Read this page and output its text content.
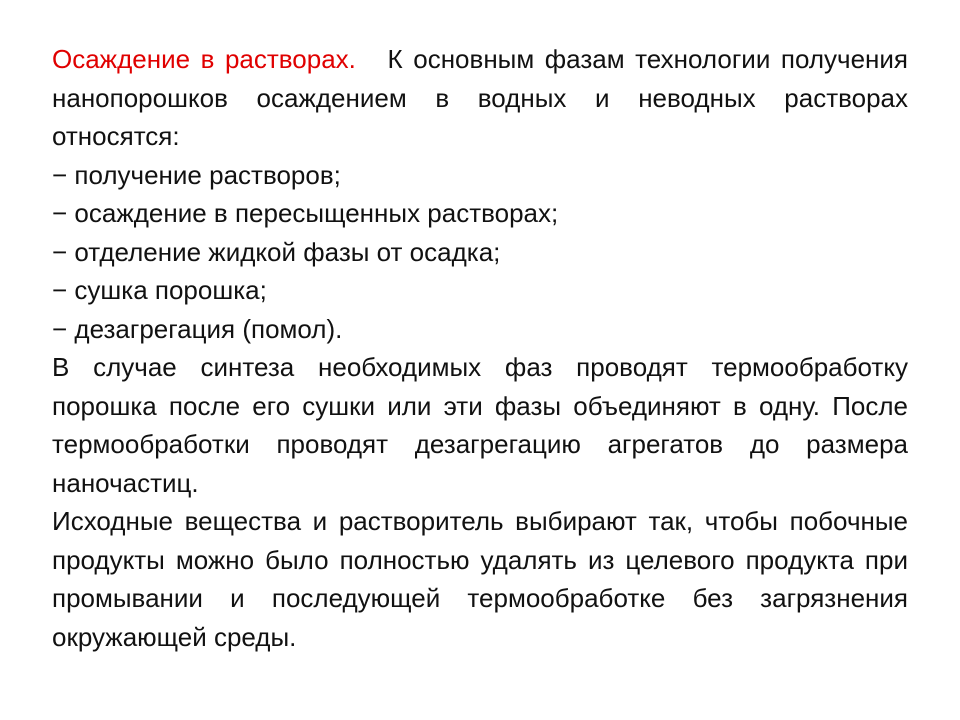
Осаждение в растворах. К основным фазам технологии получения нанопорошков осаждением в водных и неводных растворах относятся:

− получение растворов;
− осаждение в пересыщенных растворах;
− отделение жидкой фазы от осадка;
− сушка порошка;
− дезагрегация (помол).

В случае синтеза необходимых фаз проводят термообработку порошка после его сушки или эти фазы объединяют в одну. После термообработки проводят дезагрегацию агрегатов до размера наночастиц.

Исходные вещества и растворитель выбирают так, чтобы побочные продукты можно было полностью удалять из целевого продукта при промывании и последующей термообработке без загрязнения окружающей среды.
